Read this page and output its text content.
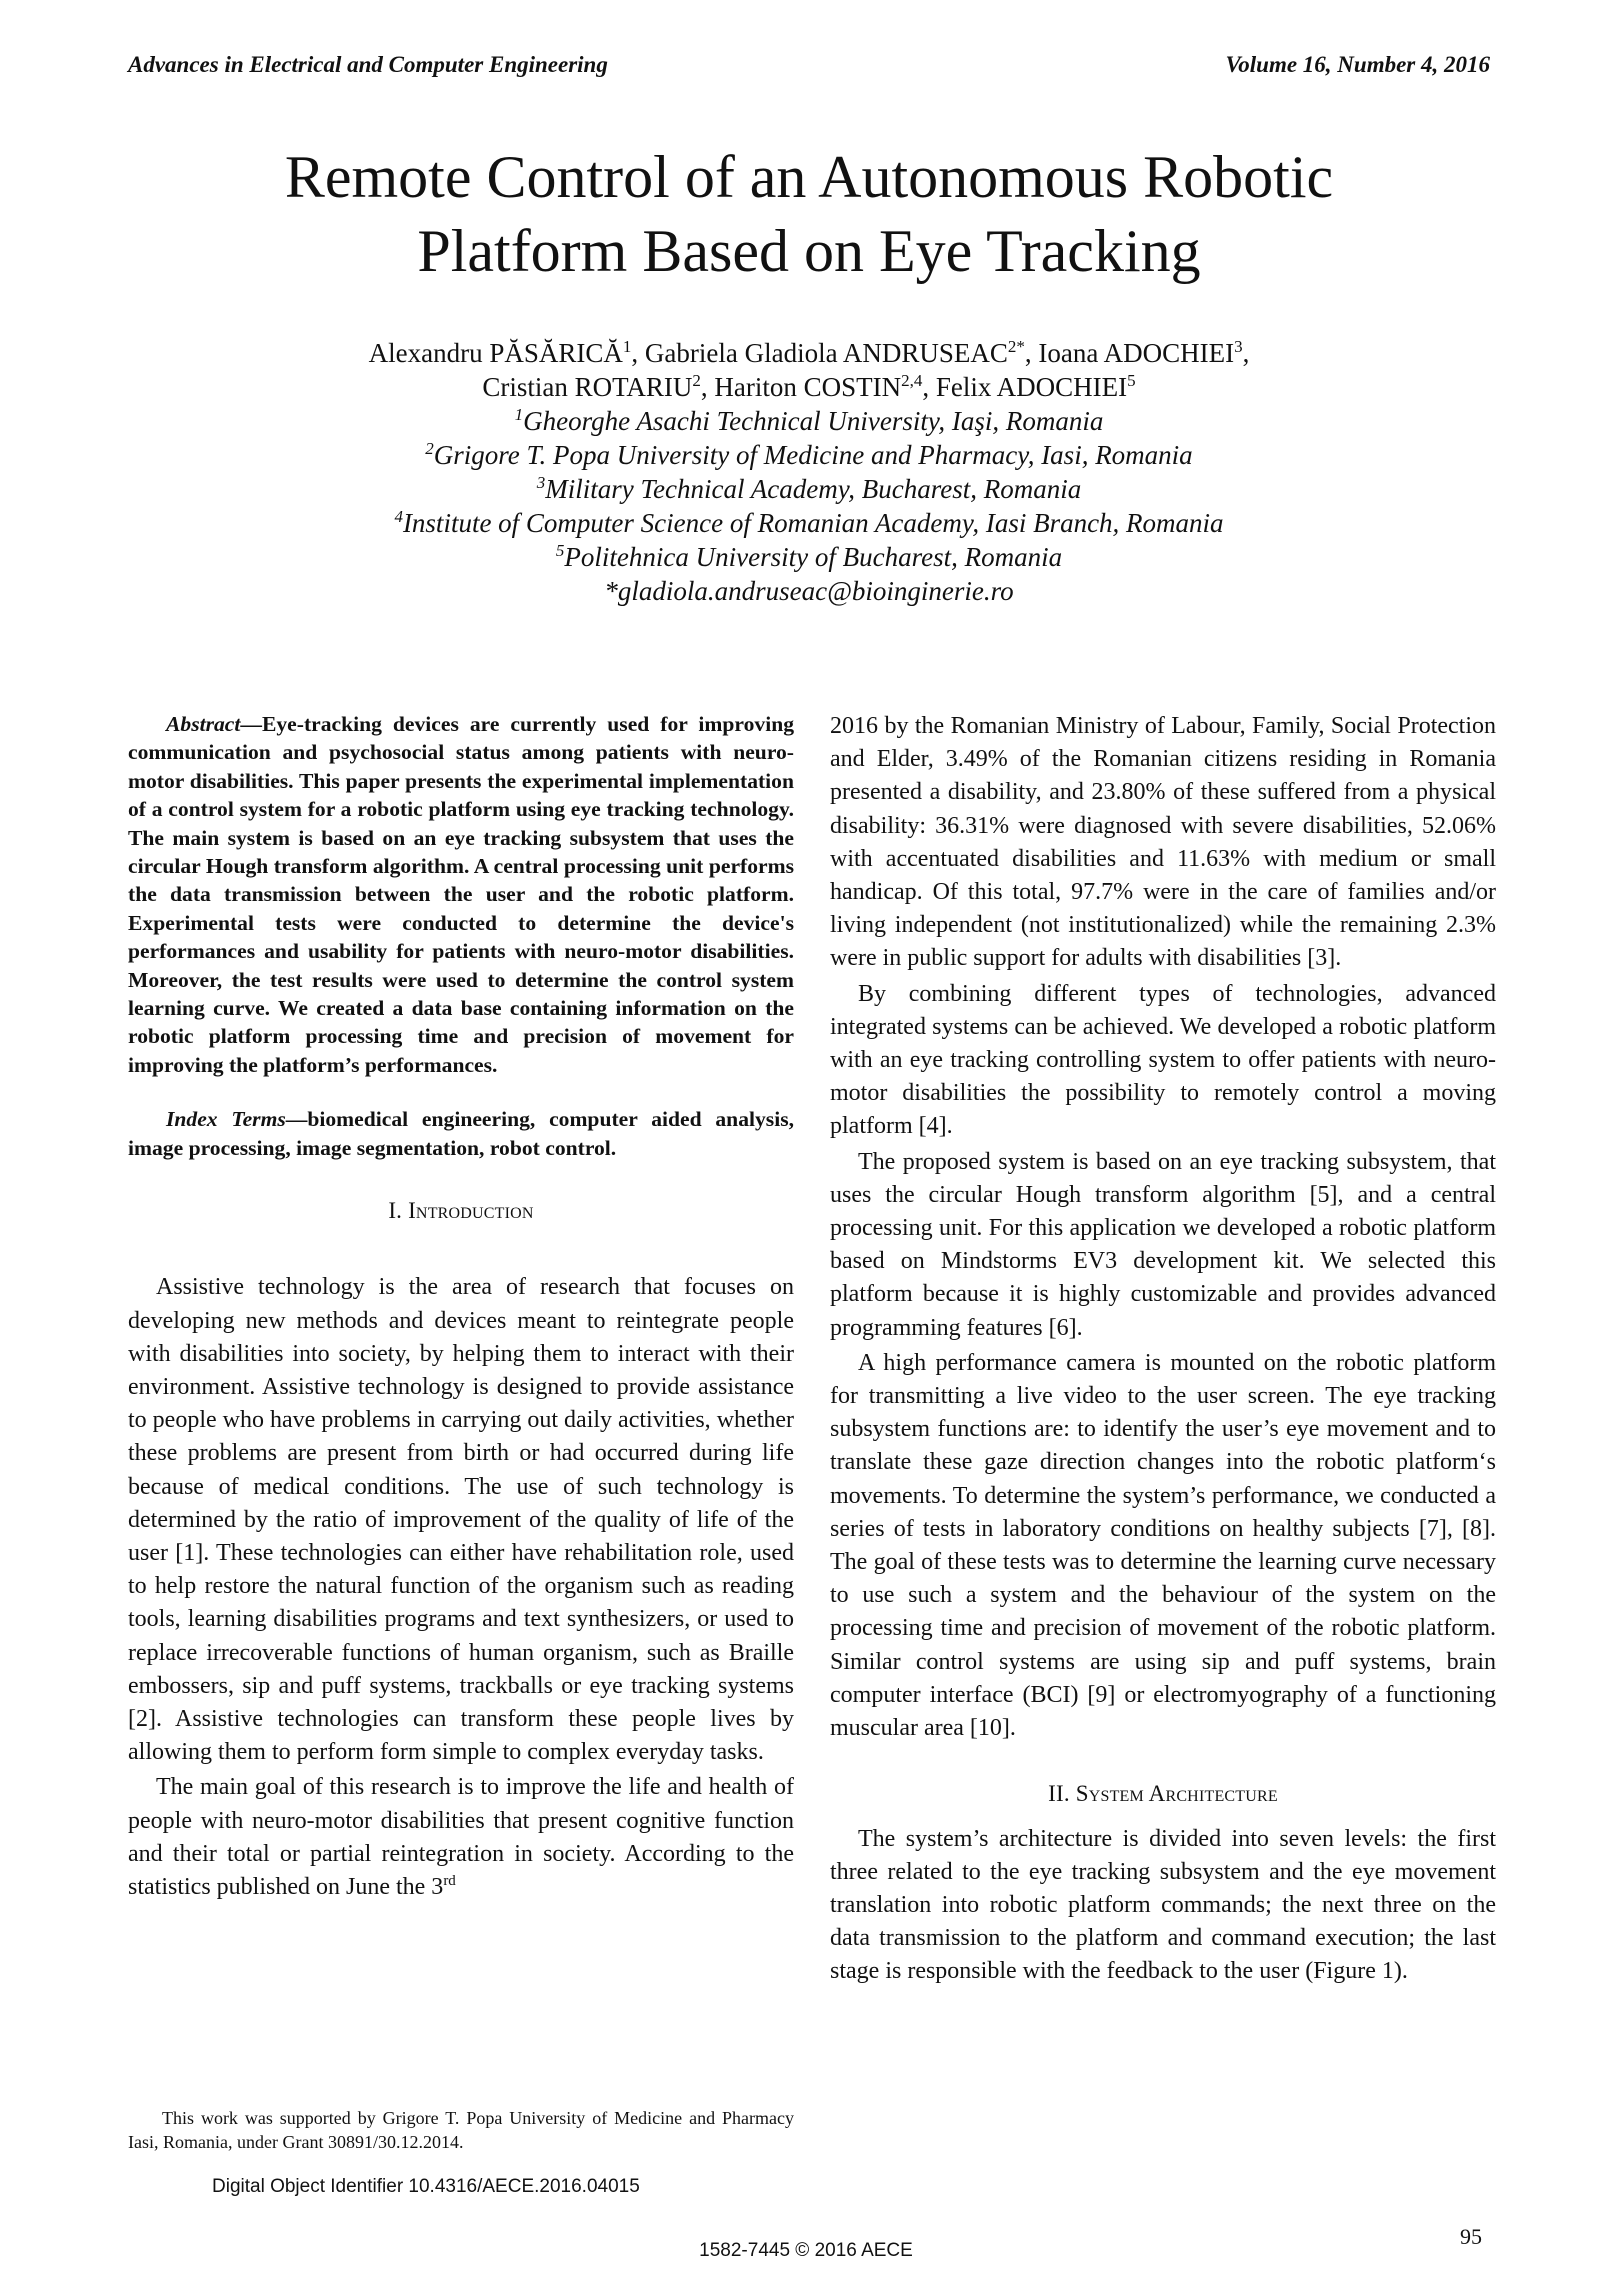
Advances in Electrical and Computer Engineering	Volume 16, Number 4, 2016
Remote Control of an Autonomous Robotic
Platform Based on Eye Tracking
Alexandru PĂSĂRICĂ$^1$, Gabriela Gladiola $ANDRUSEAC^{2*}$, Ioana ADOCHIEI$^3$,
Cristian ROTARIU$^2$, Hariton COSTIN$^{2,4}$, Felix ADOCHIEI$^5$
$^1$Gheorghe Asachi Technical University, Iaşi, Romania
$^2$Grigore T. Popa University of Medicine and Pharmacy, Iasi, Romania
$^3$Military Technical Academy, Bucharest, Romania
$^4$Institute of Computer Science of Romanian Academy, Iasi Branch, Romania
$^5$Politehnica University of Bucharest, Romania
*gladiola.andruseac@bioinginerie.ro

Abstract—Eye-tracking devices are currently used for improving communication and psychosocial status among patients with neuro-motor disabilities. This paper presents the experimental implementation of a control system for a robotic platform using eye tracking technology. The main system is based on an eye tracking subsystem that uses the circular Hough transform algorithm. A central processing unit performs the data transmission between the user and the robotic platform. Experimental tests were conducted to determine the device's performances and usability for patients with neuro-motor disabilities. Moreover, the test results were used to determine the control system learning curve. We created a data base containing information on the robotic platform processing time and precision of movement for improving the platform’s performances.

Index Terms—biomedical engineering, computer aided analysis, image processing, image segmentation, robot control.

I. Introduction

Assistive technology is the area of research that focuses on developing new methods and devices meant to reintegrate people with disabilities into society, by helping them to interact with their environment. Assistive technology is designed to provide assistance to people who have problems in carrying out daily activities, whether these problems are present from birth or had occurred during life because of medical conditions. The use of such technology is determined by the ratio of improvement of the quality of life of the user [1]. These technologies can either have rehabilitation role, used to help restore the natural function of the organism such as reading tools, learning disabilities programs and text synthesizers, or used to replace irrecoverable functions of human organism, such as Braille embossers, sip and puff systems, trackballs or eye tracking systems [2]. Assistive technologies can transform these people lives by allowing them to perform form simple to complex everyday tasks.

The main goal of this research is to improve the life and health of people with neuro-motor disabilities that present cognitive function and their total or partial reintegration in society. According to the statistics published on June the 3rd

2016 by the Romanian Ministry of Labour, Family, Social Protection and Elder, 3.49% of the Romanian citizens residing in Romania presented a disability, and 23.80% of these suffered from a physical disability: 36.31% were diagnosed with severe disabilities, 52.06% with accentuated disabilities and 11.63% with medium or small handicap. Of this total, 97.7% were in the care of families and/or living independent (not institutionalized) while the remaining 2.3% were in public support for adults with disabilities [3].

By combining different types of technologies, advanced integrated systems can be achieved. We developed a robotic platform with an eye tracking controlling system to offer patients with neuro-motor disabilities the possibility to remotely control a moving platform [4].

The proposed system is based on an eye tracking subsystem, that uses the circular Hough transform algorithm [5], and a central processing unit. For this application we developed a robotic platform based on Mindstorms EV3 development kit. We selected this platform because it is highly customizable and provides advanced programming features [6].

A high performance camera is mounted on the robotic platform for transmitting a live video to the user screen. The eye tracking subsystem functions are: to identify the user’s eye movement and to translate these gaze direction changes into the robotic platform‘s movements. To determine the system’s performance, we conducted a series of tests in laboratory conditions on healthy subjects [7], [8]. The goal of these tests was to determine the learning curve necessary to use such a system and the behaviour of the system on the processing time and precision of movement of the robotic platform. Similar control systems are using sip and puff systems, brain computer interface (BCI) [9] or electromyography of a functioning muscular area [10].

II. System Architecture

The system’s architecture is divided into seven levels: the first three related to the eye tracking subsystem and the eye movement translation into robotic platform commands; the next three on the data transmission to the platform and command execution; the last stage is responsible with the feedback to the user (Figure 1).

This work was supported by Grigore T. Popa University of Medicine and Pharmacy Iasi, Romania, under Grant 30891/30.12.2014.

Digital Object Identifier 10.4316/AECE.2016.04015
95
1582-7445 © 2016 AECE
